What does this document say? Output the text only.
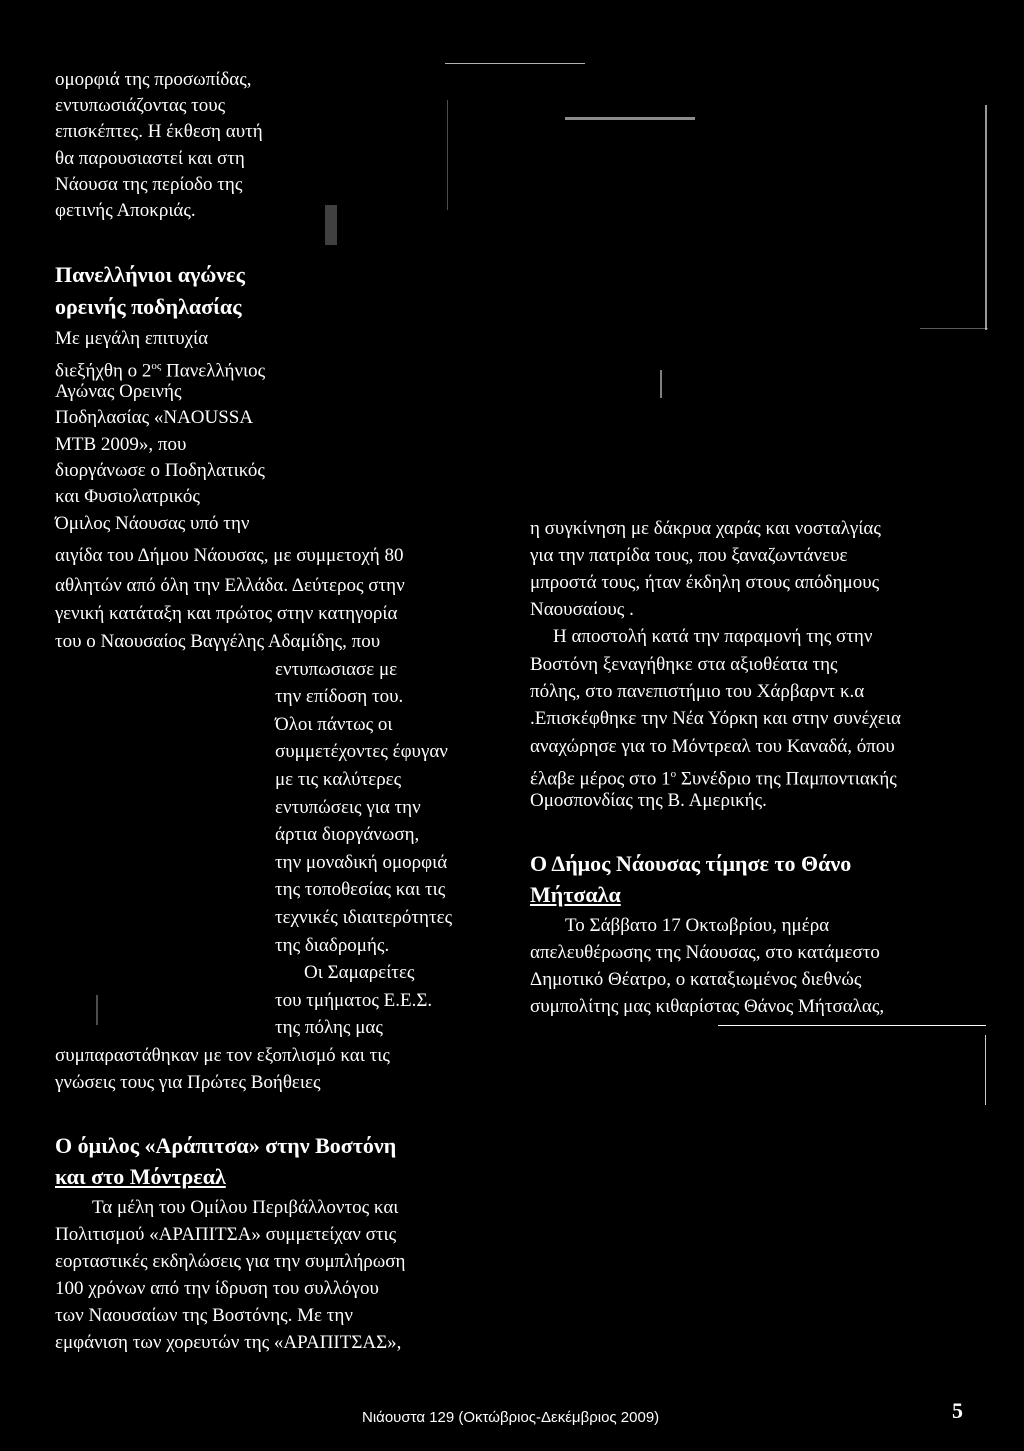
ομορφιά της προσωπίδας,
εντυπωσιάζοντας τους
επισκέπτες. Η έκθεση αυτή
θα παρουσιαστεί και στη
Νάουσα της περίοδο της
φετινής Αποκριάς.
Πανελλήνιοι αγώνες
ορεινής ποδηλασίας
Με μεγάλη επιτυχία
διεξήχθη ο $2^{o\varsigma}$ Πανελλήνιος
Αγώνας Ορεινής
Ποδηλασίας «NAOUSSA
MTB 2009», που
διοργάνωσε ο Ποδηλατικός
και Φυσιολατρικός
Όμιλος Νάουσας υπό την
αιγίδα του Δήμου Νάουσας, με συμμετοχή 80
αθλητών από όλη την Ελλάδα. Δεύτερος στην
γενική κατάταξη και πρώτος στην κατηγορία
του ο Ναουσαίος Βαγγέλης Αδαμίδης, που
εντυπωσιασε με
την επίδοση του.
Όλοι πάντως οι
συμμετέχοντες έφυγαν
με τις καλύτερες
εντυπώσεις για την
άρτια διοργάνωση,
την μοναδική ομορφιά
της τοποθεσίας και τις
τεχνικές ιδιαιτερότητες
της διαδρομής.
Οι Σαμαρείτες
του τμήματος Ε.Ε.Σ.
της πόλης μας
συμπαραστάθηκαν με τον εξοπλισμό και τις
γνώσεις τους για Πρώτες Βοήθειες
Ο όμιλος «Αράπιτσα» στην Βοστόνη
και στο Μόντρεαλ
Τα μέλη του Ομίλου Περιβάλλοντος και
Πολιτισμού «ΑΡΑΠΙΤΣΑ» συμμετείχαν στις
εορταστικές εκδηλώσεις για την συμπλήρωση
100 χρόνων από την ίδρυση του συλλόγου
των Ναουσαίων της Βοστόνης. Με την
εμφάνιση των χορευτών της «ΑΡΑΠΙΤΣΑΣ»,
η συγκίνηση με δάκρυα χαράς και νοσταλγίας
για την πατρίδα τους, που ξαναζωντάνευε
μπροστά τους, ήταν έκδηλη στους απόδημους
Ναουσαίους .
Η αποστολή κατά την παραμονή της στην
Βοστόνη ξεναγήθηκε στα αξιοθέατα της
πόλης, στο πανεπιστήμιο του Χάρβαρντ κ.α
.Επισκέφθηκε την Νέα Υόρκη και στην συνέχεια
αναχώρησε για το Μόντρεαλ του Καναδά, όπου
έλαβε μέρος στο $1^o$ Συνέδριο της Παμποντιακής
Ομοσπονδίας της Β. Αμερικής.
Ο Δήμος Νάουσας τίμησε το Θάνο
Μήτσαλα
Το Σάββατο 17 Οκτωβρίου, ημέρα
απελευθέρωσης της Νάουσας, στο κατάμεστο
Δημοτικό Θέατρο, ο καταξιωμένος διεθνώς
συμπολίτης μας κιθαρίστας Θάνος Μήτσαλας,
Νιάουστα 129 (Οκτώβριος-Δεκέμβριος 2009)	5
